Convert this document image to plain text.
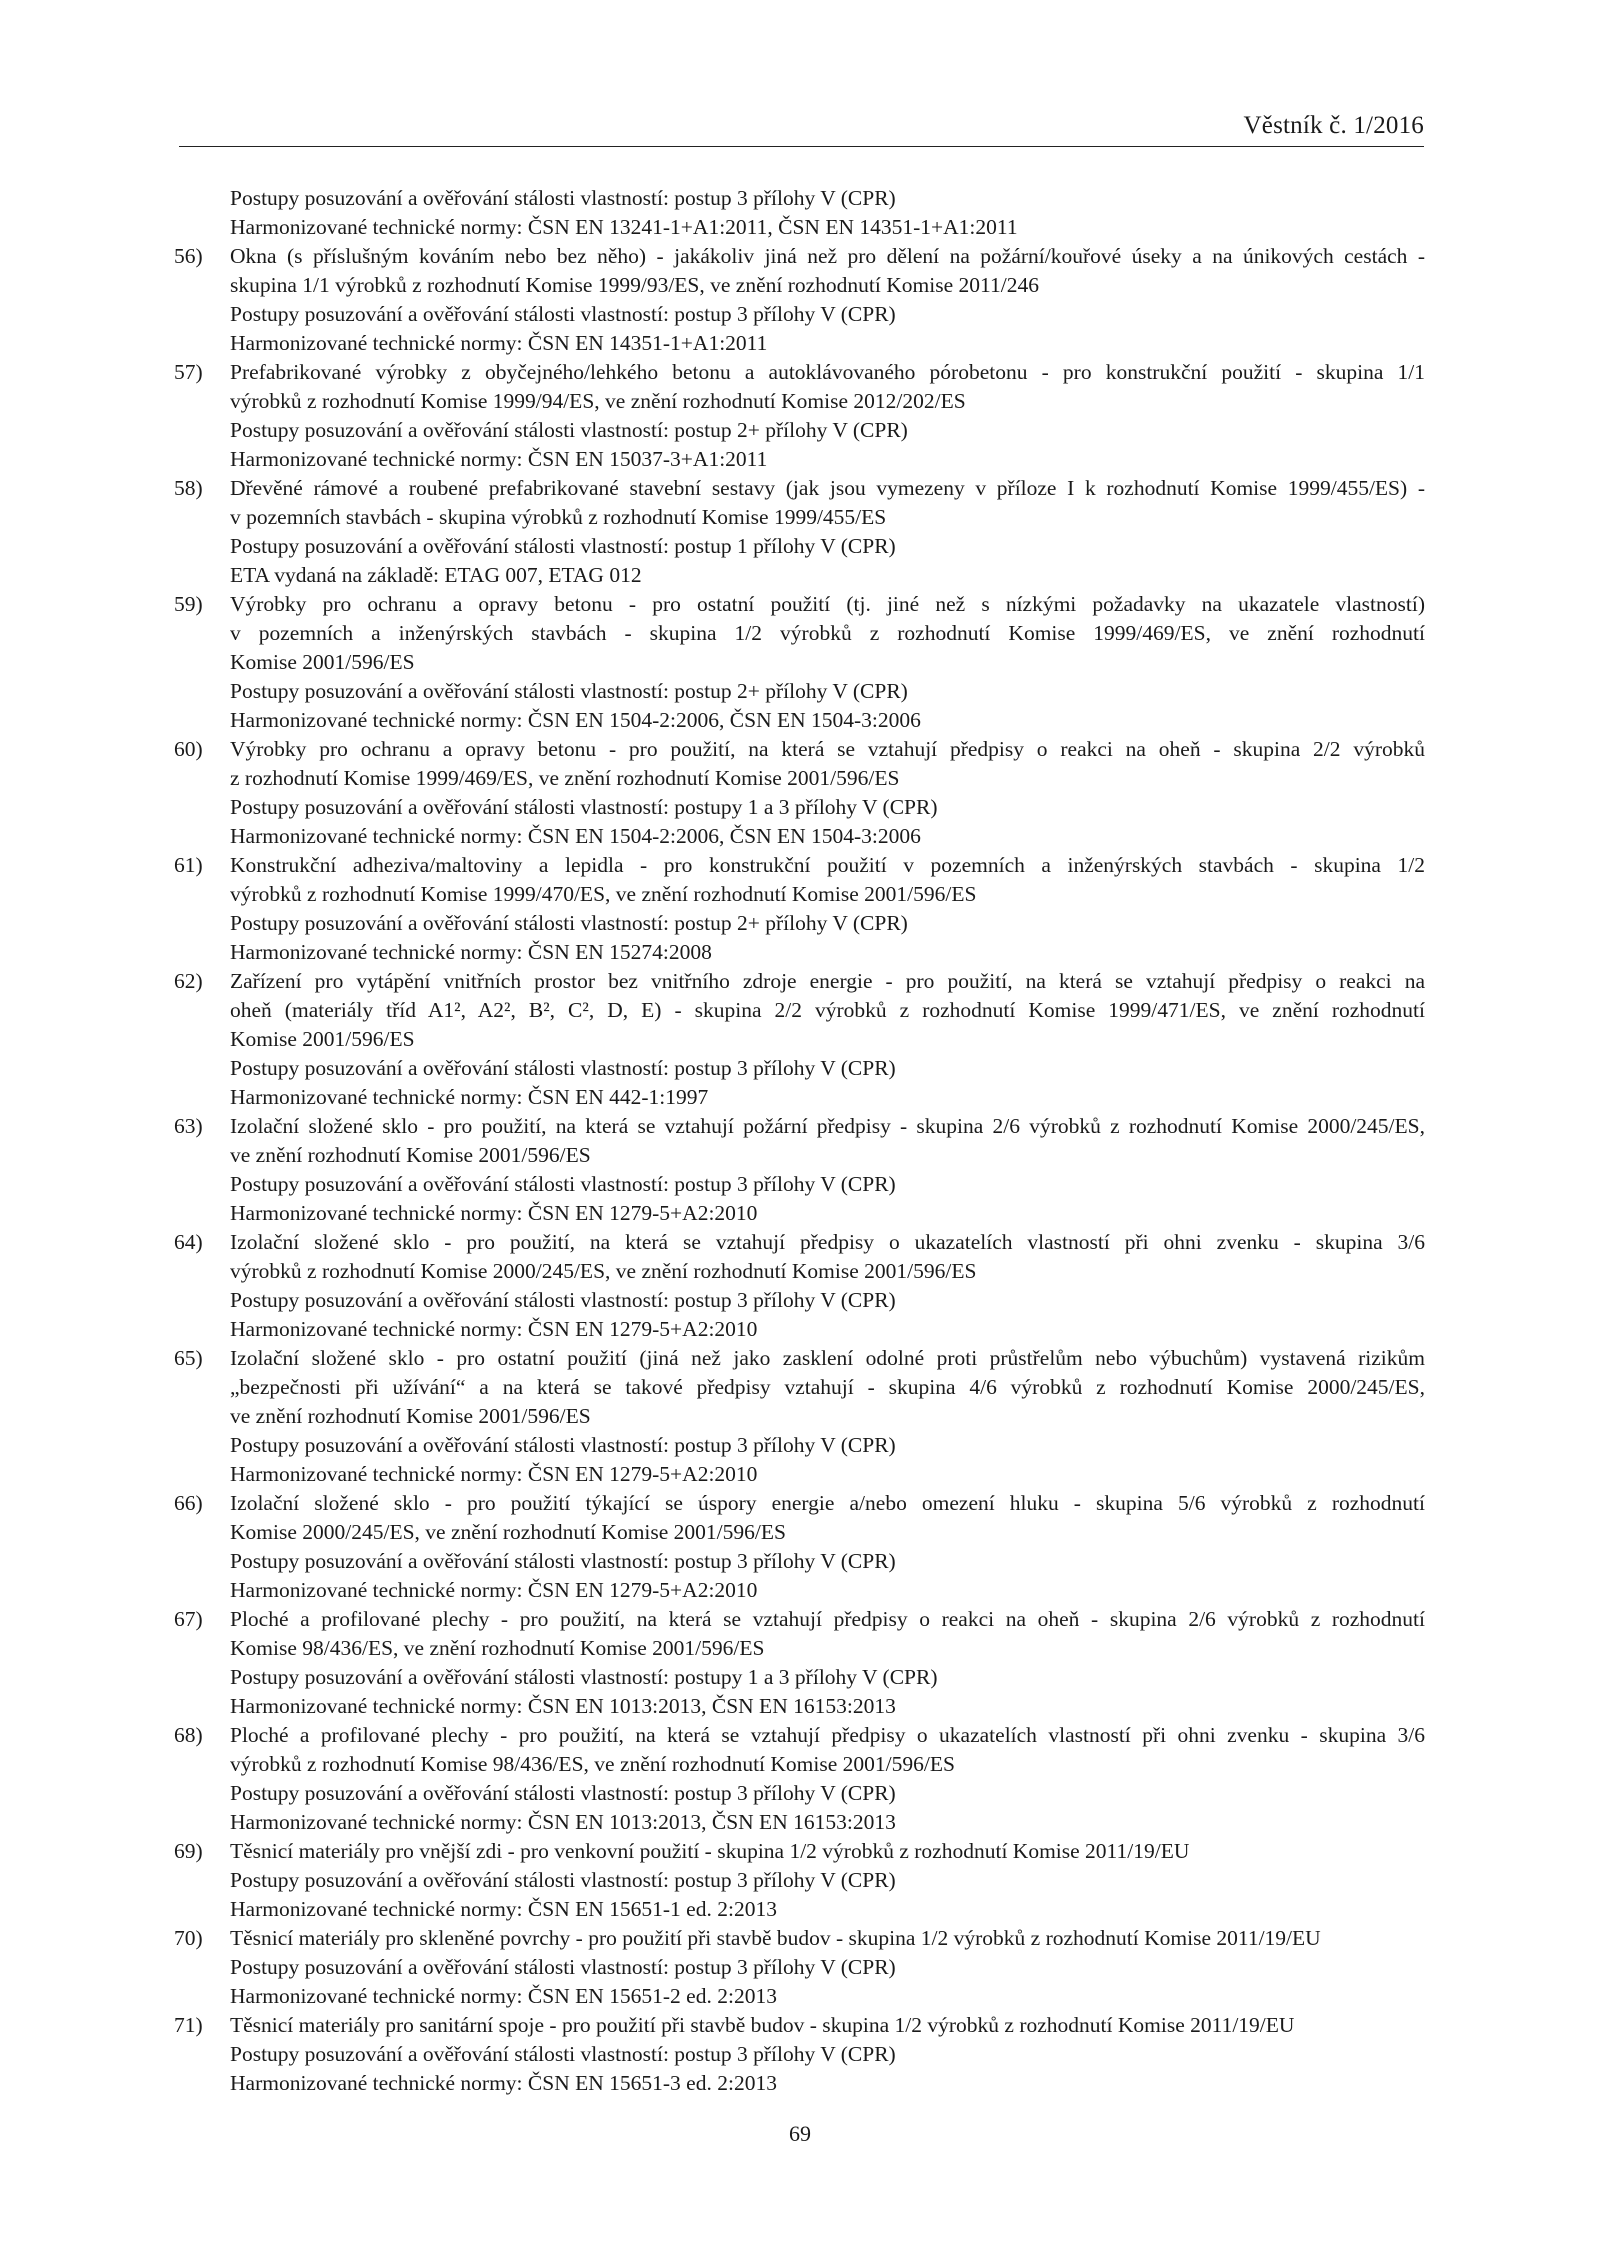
Věstník č. 1/2016
Postupy posuzování a ověřování stálosti vlastností: postup 3 přílohy V (CPR)
Harmonizované technické normy: ČSN EN 13241-1+A1:2011, ČSN EN 14351-1+A1:2011
56) Okna (s příslušným kováním nebo bez něho) - jakákoliv jiná než pro dělení na požární/kouřové úseky a na únikových cestách -
skupina 1/1 výrobků z rozhodnutí Komise 1999/93/ES, ve znění rozhodnutí Komise 2011/246
Postupy posuzování a ověřování stálosti vlastností: postup 3 přílohy V (CPR)
Harmonizované technické normy: ČSN EN 14351-1+A1:2011
57) Prefabrikované výrobky z obyčejného/lehkého betonu a autoklávovaného pórobetonu - pro konstrukční použití - skupina 1/1
výrobků z rozhodnutí Komise 1999/94/ES, ve znění rozhodnutí Komise 2012/202/ES
Postupy posuzování a ověřování stálosti vlastností: postup 2+ přílohy V (CPR)
Harmonizované technické normy: ČSN EN 15037-3+A1:2011
58) Dřevěné rámové a roubené prefabrikované stavební sestavy (jak jsou vymezeny v příloze I k rozhodnutí Komise 1999/455/ES) -
v pozemních stavbách - skupina výrobků z rozhodnutí Komise 1999/455/ES
Postupy posuzování a ověřování stálosti vlastností: postup 1 přílohy V (CPR)
ETA vydaná na základě: ETAG 007, ETAG 012
59) Výrobky pro ochranu a opravy betonu - pro ostatní použití (tj. jiné než s nízkými požadavky na ukazatele vlastností)
v pozemních a inženýrských stavbách - skupina 1/2 výrobků z rozhodnutí Komise 1999/469/ES, ve znění rozhodnutí
Komise 2001/596/ES
Postupy posuzování a ověřování stálosti vlastností: postup 2+ přílohy V (CPR)
Harmonizované technické normy: ČSN EN 1504-2:2006, ČSN EN 1504-3:2006
60) Výrobky pro ochranu a opravy betonu - pro použití, na která se vztahují předpisy o reakci na oheň - skupina 2/2 výrobků
z rozhodnutí Komise 1999/469/ES, ve znění rozhodnutí Komise 2001/596/ES
Postupy posuzování a ověřování stálosti vlastností: postupy 1 a 3 přílohy V (CPR)
Harmonizované technické normy: ČSN EN 1504-2:2006, ČSN EN 1504-3:2006
61) Konstrukční adheziva/maltoviny a lepidla - pro konstrukční použití v pozemních a inženýrských stavbách - skupina 1/2
výrobků z rozhodnutí Komise 1999/470/ES, ve znění rozhodnutí Komise 2001/596/ES
Postupy posuzování a ověřování stálosti vlastností: postup 2+ přílohy V (CPR)
Harmonizované technické normy: ČSN EN 15274:2008
62) Zařízení pro vytápění vnitřních prostor bez vnitřního zdroje energie - pro použití, na která se vztahují předpisy o reakci na
oheň (materiály tříd A1², A2², B², C², D, E) - skupina 2/2 výrobků z rozhodnutí Komise 1999/471/ES, ve znění rozhodnutí
Komise 2001/596/ES
Postupy posuzování a ověřování stálosti vlastností: postup 3 přílohy V (CPR)
Harmonizované technické normy: ČSN EN 442-1:1997
63) Izolační složené sklo - pro použití, na která se vztahují požární předpisy - skupina 2/6 výrobků z rozhodnutí Komise 2000/245/ES,
ve znění rozhodnutí Komise 2001/596/ES
Postupy posuzování a ověřování stálosti vlastností: postup 3 přílohy V (CPR)
Harmonizované technické normy: ČSN EN 1279-5+A2:2010
64) Izolační složené sklo - pro použití, na která se vztahují předpisy o ukazatelích vlastností při ohni zvenku - skupina 3/6
výrobků z rozhodnutí Komise 2000/245/ES, ve znění rozhodnutí Komise 2001/596/ES
Postupy posuzování a ověřování stálosti vlastností: postup 3 přílohy V (CPR)
Harmonizované technické normy: ČSN EN 1279-5+A2:2010
65) Izolační složené sklo - pro ostatní použití (jiná než jako zasklení odolné proti průstřelům nebo výbuchům) vystavená rizikům
„bezpečnosti při užívání“ a na která se takové předpisy vztahují - skupina 4/6 výrobků z rozhodnutí Komise 2000/245/ES,
ve znění rozhodnutí Komise 2001/596/ES
Postupy posuzování a ověřování stálosti vlastností: postup 3 přílohy V (CPR)
Harmonizované technické normy: ČSN EN 1279-5+A2:2010
66) Izolační složené sklo - pro použití týkající se úspory energie a/nebo omezení hluku - skupina 5/6 výrobků z rozhodnutí
Komise 2000/245/ES, ve znění rozhodnutí Komise 2001/596/ES
Postupy posuzování a ověřování stálosti vlastností: postup 3 přílohy V (CPR)
Harmonizované technické normy: ČSN EN 1279-5+A2:2010
67) Ploché a profilované plechy - pro použití, na která se vztahují předpisy o reakci na oheň - skupina 2/6 výrobků z rozhodnutí
Komise 98/436/ES, ve znění rozhodnutí Komise 2001/596/ES
Postupy posuzování a ověřování stálosti vlastností: postupy 1 a 3 přílohy V (CPR)
Harmonizované technické normy: ČSN EN 1013:2013, ČSN EN 16153:2013
68) Ploché a profilované plechy - pro použití, na která se vztahují předpisy o ukazatelích vlastností při ohni zvenku - skupina 3/6
výrobků z rozhodnutí Komise 98/436/ES, ve znění rozhodnutí Komise 2001/596/ES
Postupy posuzování a ověřování stálosti vlastností: postup 3 přílohy V (CPR)
Harmonizované technické normy: ČSN EN 1013:2013, ČSN EN 16153:2013
69) Těsnicí materiály pro vnější zdi - pro venkovní použití - skupina 1/2 výrobků z rozhodnutí Komise 2011/19/EU
Postupy posuzování a ověřování stálosti vlastností: postup 3 přílohy V (CPR)
Harmonizované technické normy: ČSN EN 15651-1 ed. 2:2013
70) Těsnicí materiály pro skleněné povrchy - pro použití při stavbě budov - skupina 1/2 výrobků z rozhodnutí Komise 2011/19/EU
Postupy posuzování a ověřování stálosti vlastností: postup 3 přílohy V (CPR)
Harmonizované technické normy: ČSN EN 15651-2 ed. 2:2013
71) Těsnicí materiály pro sanitární spoje - pro použití při stavbě budov - skupina 1/2 výrobků z rozhodnutí Komise 2011/19/EU
Postupy posuzování a ověřování stálosti vlastností: postup 3 přílohy V (CPR)
Harmonizované technické normy: ČSN EN 15651-3 ed. 2:2013
69
